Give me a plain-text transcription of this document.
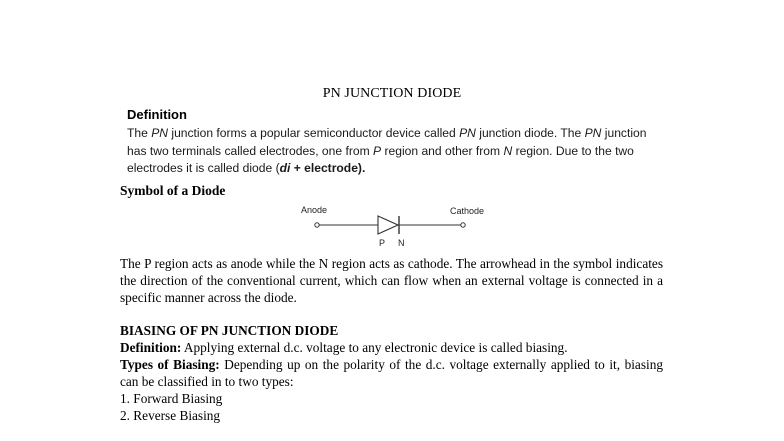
PN JUNCTION DIODE
Definition
The PN junction forms a popular semiconductor device called PN junction diode. The PN junction has two terminals called electrodes, one from P region and other from N region. Due to the two electrodes it is called diode (di + electrode).
Symbol of a Diode
Anode	Cathode
P N
The P region acts as anode while the N region acts as cathode. The arrowhead in the symbol indicates the direction of the conventional current, which can flow when an external voltage is connected in a specific manner across the diode.
BIASING OF PN JUNCTION DIODE
Definition: Applying external d.c. voltage to any electronic device is called biasing.
Types of Biasing: Depending up on the polarity of the d.c. voltage externally applied to it, biasing can be classified in to two types:
1. Forward Biasing
2. Reverse Biasing
